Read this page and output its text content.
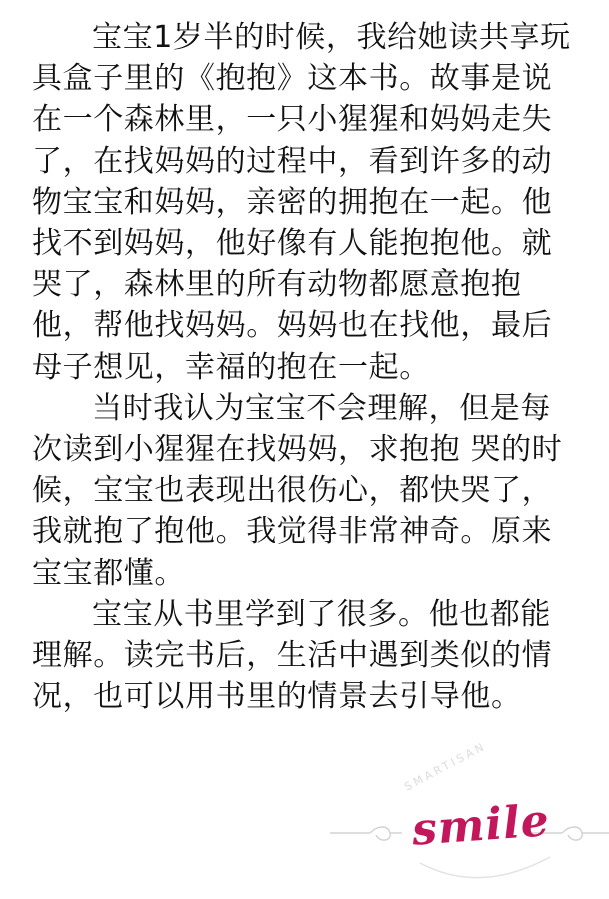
宝宝1岁半的时候，我给她读共享玩具盒子里的《抱抱》这本书。故事是说在一个森林里，一只小猩猩和妈妈走失了，在找妈妈的过程中，看到许多的动物宝宝和妈妈，亲密的拥抱在一起。他找不到妈妈，他好像有人能抱抱他。就哭了，森林里的所有动物都愿意抱抱他，帮他找妈妈。妈妈也在找他，最后母子想见，幸福的抱在一起。

当时我认为宝宝不会理解，但是每次读到小猩猩在找妈妈，求抱抱 哭的时候，宝宝也表现出很伤心，都快哭了，我就抱了抱他。我觉得非常神奇。原来宝宝都懂。

宝宝从书里学到了很多。他也都能理解。读完书后，生活中遇到类似的情况，也可以用书里的情景去引导他。

SMARTISAN
smile
